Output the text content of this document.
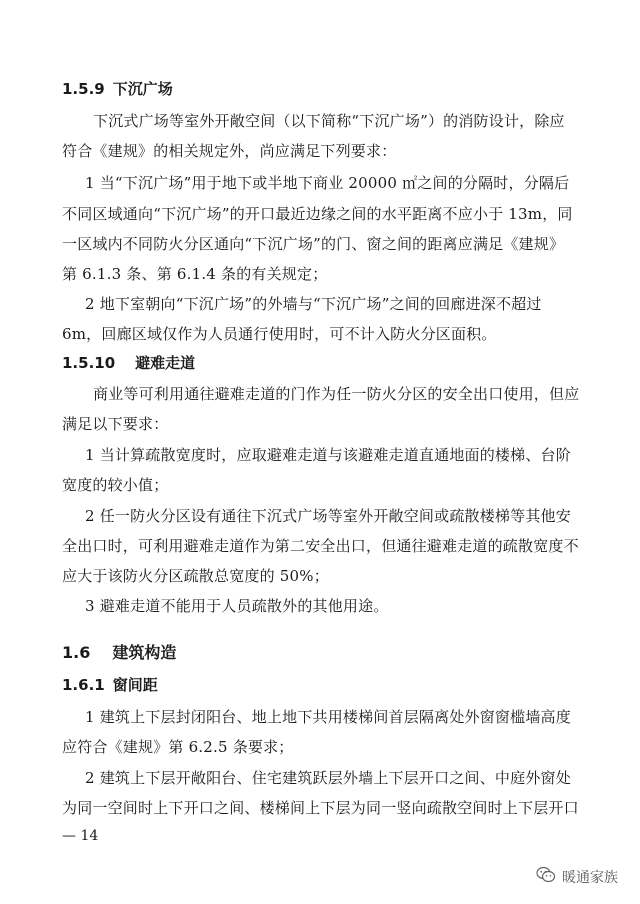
1.5.9 下沉广场
下沉式广场等室外开敞空间（以下简称“下沉广场”）的消防设计，除应
符合《建规》的相关规定外，尚应满足下列要求：
1 当“下沉广场”用于地下或半地下商业 20000 ㎡之间的分隔时，分隔后
不同区域通向“下沉广场”的开口最近边缘之间的水平距离不应小于 13m，同
一区域内不同防火分区通向“下沉广场”的门、窗之间的距离应满足《建规》
第 6.1.3 条、第 6.1.4 条的有关规定；
2 地下室朝向“下沉广场”的外墙与“下沉广场”之间的回廊进深不超过
6m，回廊区域仅作为人员通行使用时，可不计入防火分区面积。
1.5.10 避难走道
商业等可利用通往避难走道的门作为任一防火分区的安全出口使用，但应
满足以下要求：
1 当计算疏散宽度时，应取避难走道与该避难走道直通地面的楼梯、台阶
宽度的较小值；
2 任一防火分区设有通往下沉式广场等室外开敞空间或疏散楼梯等其他安
全出口时，可利用避难走道作为第二安全出口，但通往避难走道的疏散宽度不
应大于该防火分区疏散总宽度的 50%；
3 避难走道不能用于人员疏散外的其他用途。
1.6 建筑构造
1.6.1 窗间距
1 建筑上下层封闭阳台、地上地下共用楼梯间首层隔离处外窗窗槛墙高度
应符合《建规》第 6.2.5 条要求；
2 建筑上下层开敞阳台、住宅建筑跃层外墙上下层开口之间、中庭外窗处
为同一空间时上下开口之间、楼梯间上下层为同一竖向疏散空间时上下层开口
— 14
暖通家族
